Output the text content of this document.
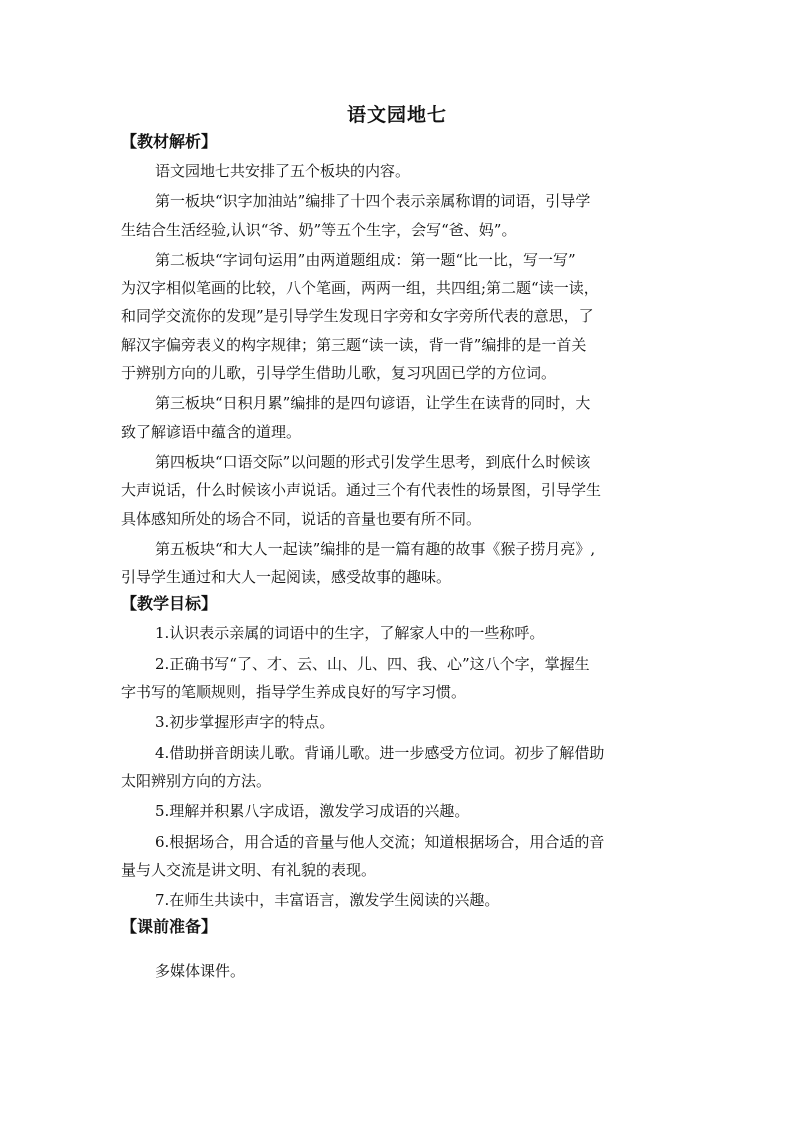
语文园地七
【教材解析】

语文园地七共安排了五个板块的内容。

第一板块“识字加油站”编排了十四个表示亲属称谓的词语，引导学
生结合生活经验,认识“爷、奶”等五个生字，会写“爸、妈”。

第二板块“字词句运用”由两道题组成：第一题“比一比，写一写”
为汉字相似笔画的比较，八个笔画，两两一组，共四组;第二题“读一读，
和同学交流你的发现”是引导学生发现日字旁和女字旁所代表的意思，了
解汉字偏旁表义的构字规律；第三题“读一读，背一背”编排的是一首关
于辨别方向的儿歌，引导学生借助儿歌，复习巩固已学的方位词。

第三板块“日积月累”编排的是四句谚语，让学生在读背的同时，大
致了解谚语中蕴含的道理。

第四板块“口语交际”以问题的形式引发学生思考，到底什么时候该
大声说话，什么时候该小声说话。通过三个有代表性的场景图，引导学生
具体感知所处的场合不同，说话的音量也要有所不同。

第五板块“和大人一起读”编排的是一篇有趣的故事《猴子捞月亮》,
引导学生通过和大人一起阅读，感受故事的趣味。

【教学目标】

1.认识表示亲属的词语中的生字，了解家人中的一些称呼。

2.正确书写“了、才、云、山、儿、四、我、心”这八个字，掌握生
字书写的笔顺规则，指导学生养成良好的写字习惯。

3.初步掌握形声字的特点。

4.借助拼音朗读儿歌。背诵儿歌。进一步感受方位词。初步了解借助
太阳辨别方向的方法。

5.理解并积累八字成语，激发学习成语的兴趣。

6.根据场合，用合适的音量与他人交流；知道根据场合，用合适的音
量与人交流是讲文明、有礼貌的表现。

7.在师生共读中，丰富语言，激发学生阅读的兴趣。

【课前准备】

多媒体课件。
